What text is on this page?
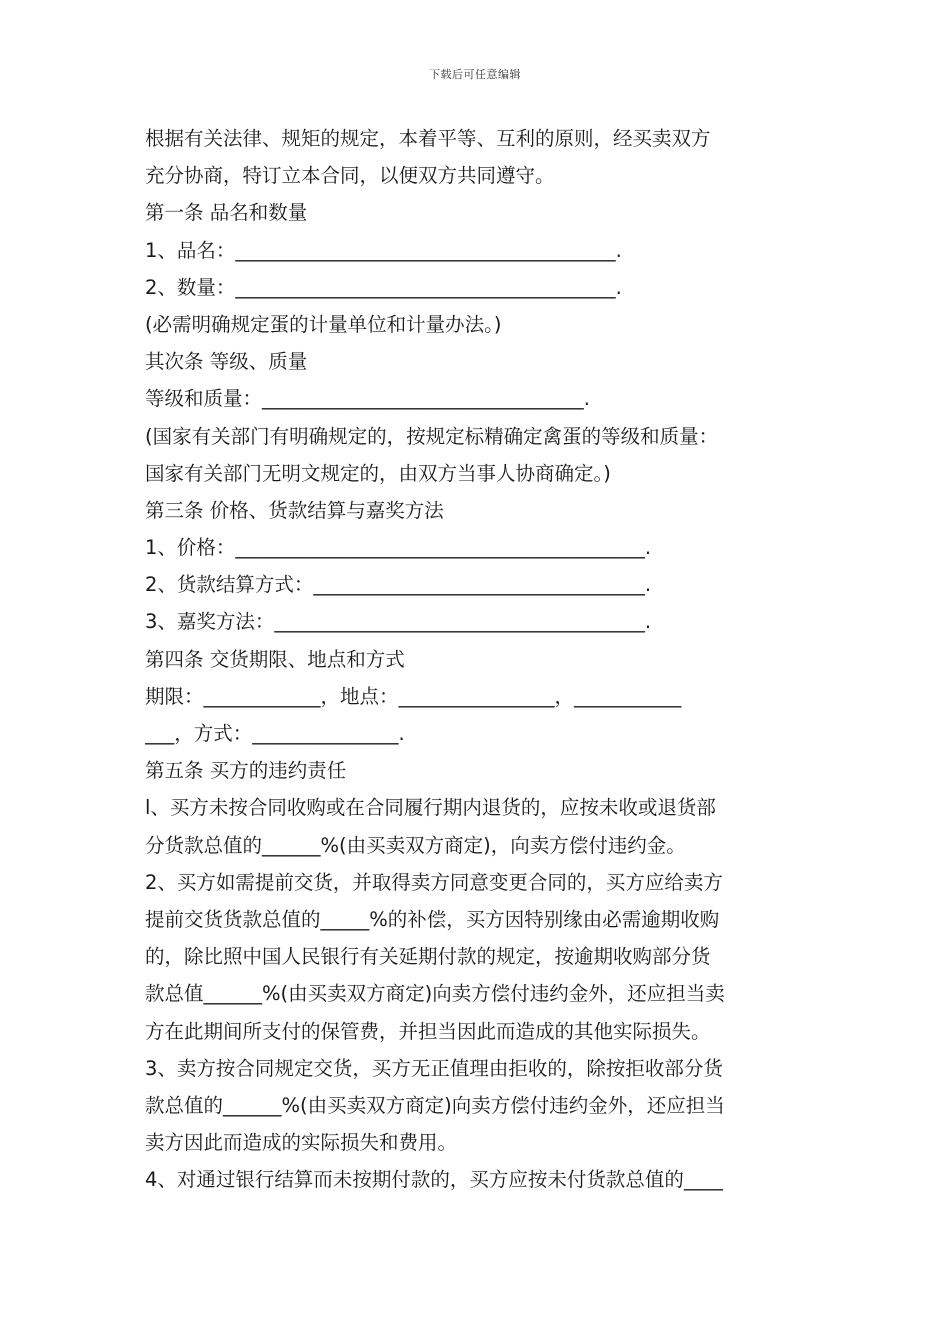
下载后可任意编辑
根据有关法律、规矩的规定，本着平等、互利的原则，经买卖双方
充分协商，特订立本合同，以便双方共同遵守。
第一条 品名和数量
1、品名：_______________________________________.
2、数量：_______________________________________.
(必需明确规定蛋的计量单位和计量办法。)
其次条 等级、质量
等级和质量：_________________________________.
(国家有关部门有明确规定的，按规定标精确定禽蛋的等级和质量：
国家有关部门无明文规定的，由双方当事人协商确定。)
第三条 价格、货款结算与嘉奖方法
1、价格：__________________________________________.
2、货款结算方式：__________________________________.
3、嘉奖方法：______________________________________.
第四条 交货期限、地点和方式
期限：____________，地点：________________，___________
___，方式：_______________.
第五条 买方的违约责任
l、买方未按合同收购或在合同履行期内退货的，应按未收或退货部
分货款总值的______%(由买卖双方商定)，向卖方偿付违约金。
2、买方如需提前交货，并取得卖方同意变更合同的，买方应给卖方
提前交货货款总值的_____%的补偿，买方因特别缘由必需逾期收购
的，除比照中国人民银行有关延期付款的规定，按逾期收购部分货
款总值______%(由买卖双方商定)向卖方偿付违约金外，还应担当卖
方在此期间所支付的保管费，并担当因此而造成的其他实际损失。
3、卖方按合同规定交货，买方无正值理由拒收的，除按拒收部分货
款总值的______%(由买卖双方商定)向卖方偿付违约金外，还应担当
卖方因此而造成的实际损失和费用。
4、对通过银行结算而未按期付款的，买方应按未付货款总值的____
